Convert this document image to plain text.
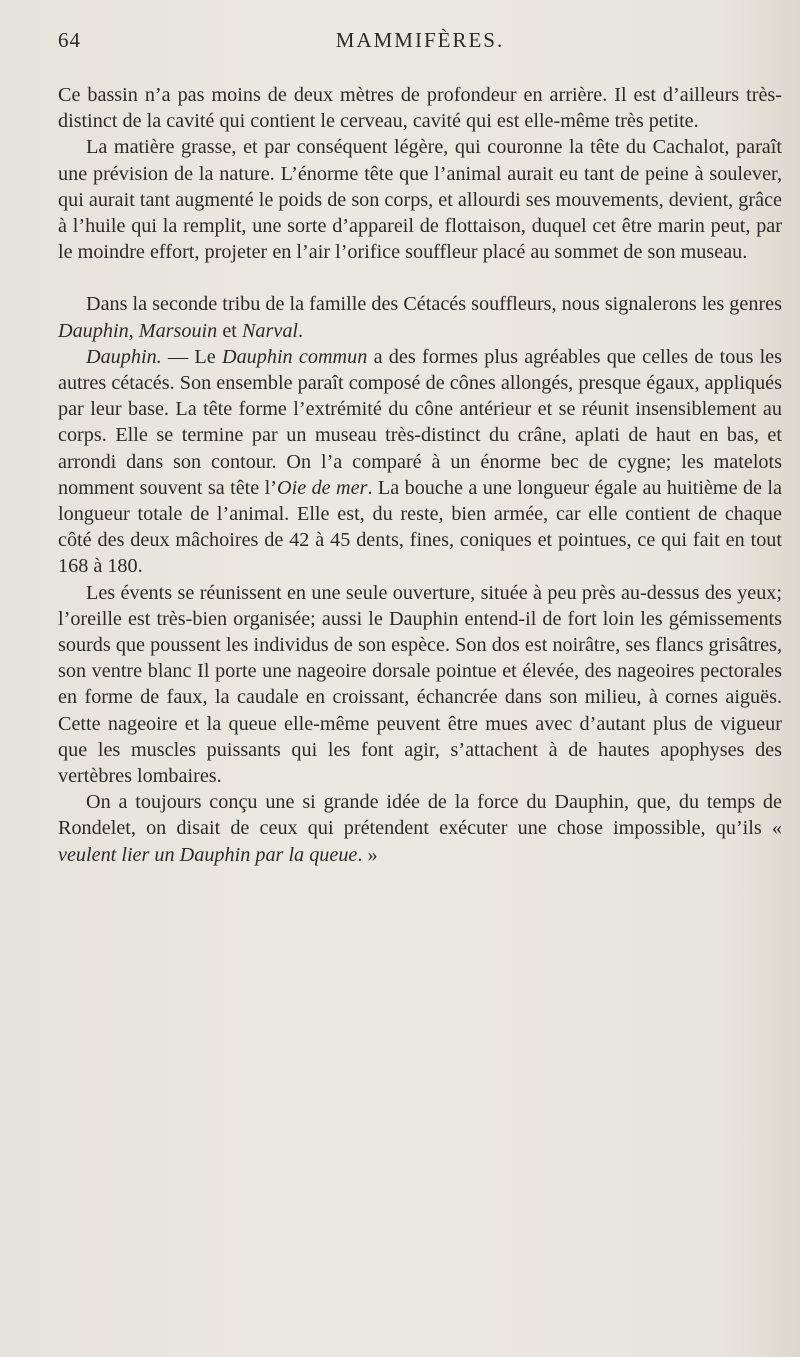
MAMMIFÈRES.
64

Ce bassin n’a pas moins de deux mètres de profondeur en arrière. Il est d’ailleurs très-distinct de la cavité qui contient le cerveau, cavité qui est elle-même très petite.

La matière grasse, et par conséquent légère, qui couronne la tête du Cachalot, paraît une prévision de la nature. L’énorme tête que l’animal aurait eu tant de peine à soulever, qui aurait tant augmenté le poids de son corps, et allourdi ses mouvements, devient, grâce à l’huile qui la remplit, une sorte d’appareil de flottaison, duquel cet être marin peut, par le moindre effort, projeter en l’air l’orifice souffleur placé au sommet de son museau.

Dans la seconde tribu de la famille des Cétacés souffleurs, nous signalerons les genres Dauphin, Marsouin et Narval.

Dauphin. — Le Dauphin commun a des formes plus agréables que celles de tous les autres cétacés. Son ensemble paraît composé de cônes allongés, presque égaux, appliqués par leur base. La tête forme l’extrémité du cône antérieur et se réunit insensiblement au corps. Elle se termine par un museau très-distinct du crâne, aplati de haut en bas, et arrondi dans son contour. On l’a comparé à un énorme bec de cygne; les matelots nomment souvent sa tête l’Oie de mer. La bouche a une longueur égale au huitième de la longueur totale de l’animal. Elle est, du reste, bien armée, car elle contient de chaque côté des deux mâchoires de 42 à 45 dents, fines, coniques et pointues, ce qui fait en tout 168 à 180.

Les évents se réunissent en une seule ouverture, située à peu près au-dessus des yeux; l’oreille est très-bien organisée; aussi le Dauphin entend-il de fort loin les gémissements sourds que poussent les individus de son espèce. Son dos est noirâtre, ses flancs grisâtres, son ventre blanc Il porte une nageoire dorsale pointue et élevée, des nageoires pectorales en forme de faux, la caudale en croissant, échancrée dans son milieu, à cornes aiguës. Cette nageoire et la queue elle-même peuvent être mues avec d’autant plus de vigueur que les muscles puissants qui les font agir, s’attachent à de hautes apophyses des vertèbres lombaires.

On a toujours conçu une si grande idée de la force du Dauphin, que, du temps de Rondelet, on disait de ceux qui prétendent exécuter une chose impossible, qu’ils « veulent lier un Dauphin par la queue. »
